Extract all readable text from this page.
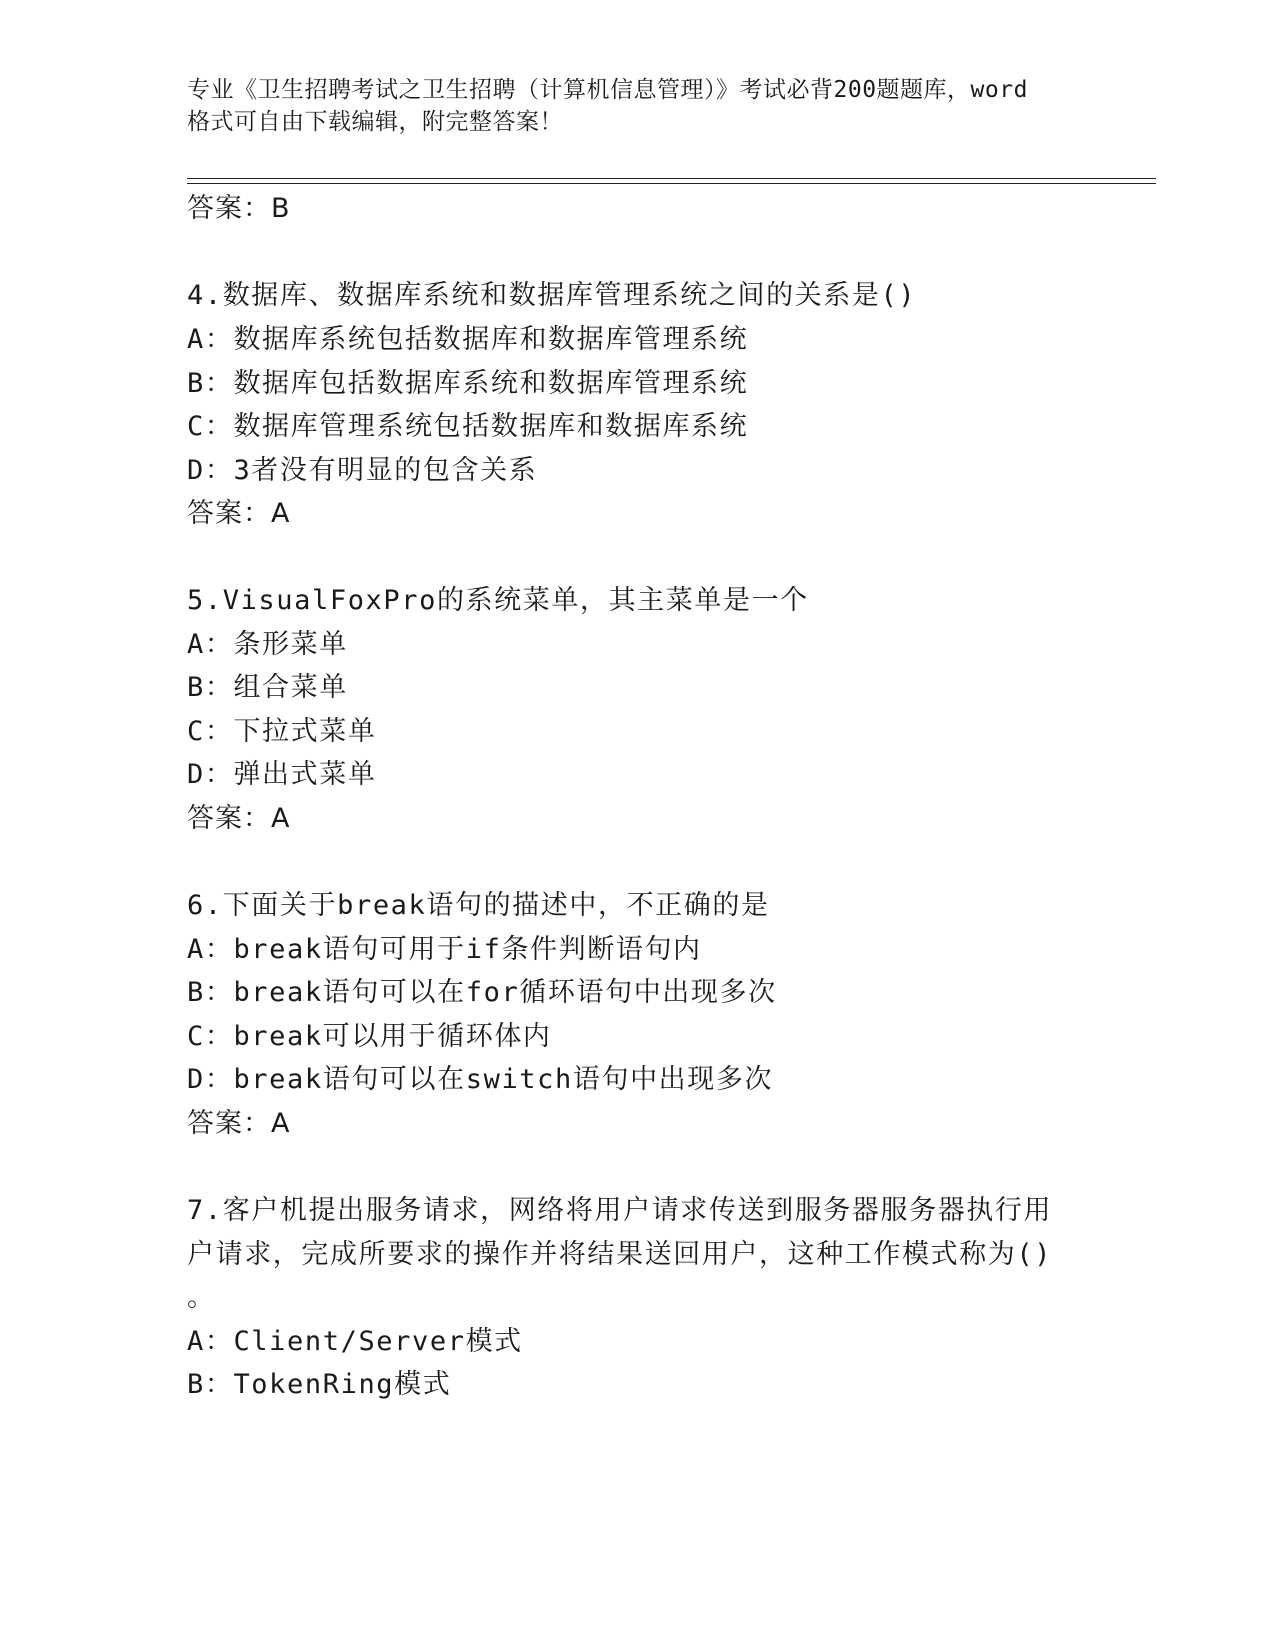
专业《卫生招聘考试之卫生招聘（计算机信息管理）》考试必背200题题库，word

格式可自由下载编辑，附完整答案！

答案：B
4.数据库、数据库系统和数据库管理系统之间的关系是()
A：数据库系统包括数据库和数据库管理系统
B：数据库包括数据库系统和数据库管理系统
C：数据库管理系统包括数据库和数据库系统
D：3者没有明显的包含关系
答案：A
5.VisualFoxPro的系统菜单，其主菜单是一个
A：条形菜单
B：组合菜单
C：下拉式菜单
D：弹出式菜单
答案：A
6.下面关于break语句的描述中，不正确的是
A：break语句可用于if条件判断语句内
B：break语句可以在for循环语句中出现多次
C：break可以用于循环体内
D：break语句可以在switch语句中出现多次
答案：A
7.客户机提出服务请求，网络将用户请求传送到服务器服务器执行用
户请求，完成所要求的操作并将结果送回用户，这种工作模式称为()
。
A：Client/Server模式
B：TokenRing模式
